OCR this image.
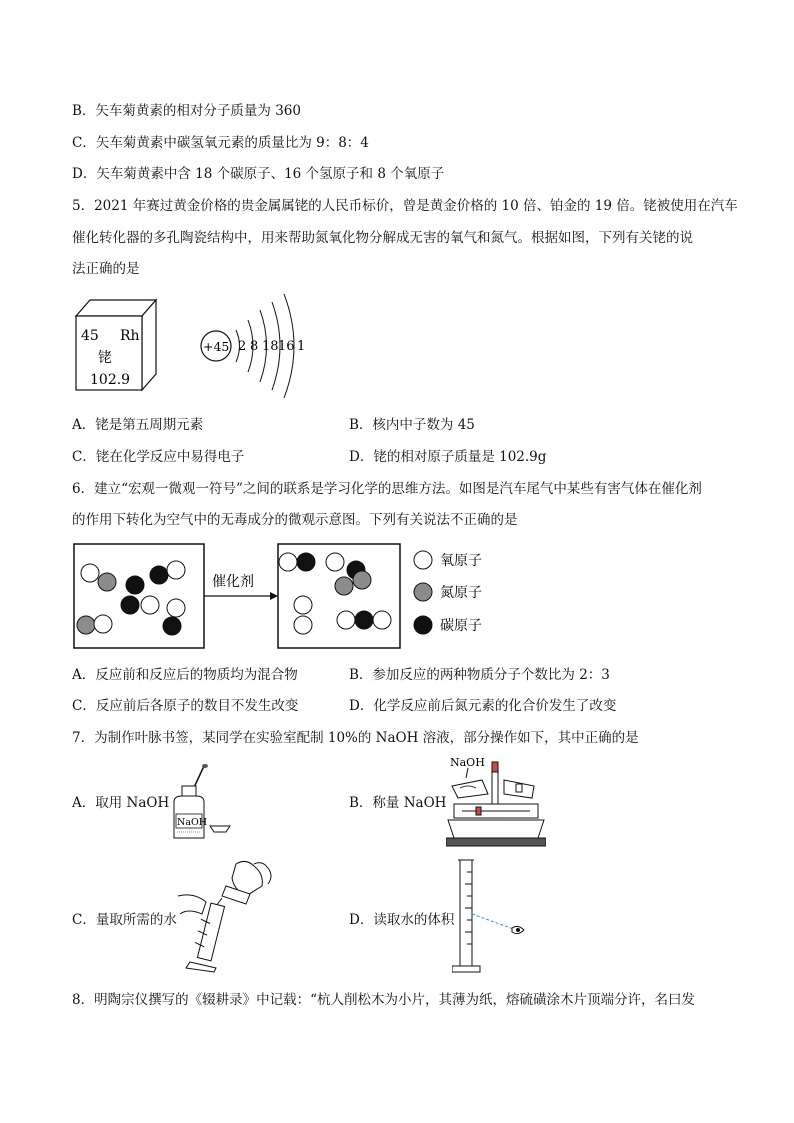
B．矢车菊黄素的相对分子质量为 360
C．矢车菊黄素中碳氢氧元素的质量比为 9：8：4
D．矢车菊黄素中含 18 个碳原子、16 个氢原子和 8 个氧原子
5．2021 年赛过黄金价格的贵金属属铑的人民币标价，曾是黄金价格的 10 倍、铂金的 19 倍。铑被使用在汽车
催化转化器的多孔陶瓷结构中，用来帮助氮氧化物分解成无害的氧气和氮气。根据如图，下列有关铑的说
法正确的是
45 Rh
铑
102.9
+45 2 8 18 16 1
A．铑是第五周期元素	B．核内中子数为 45
C．铑在化学反应中易得电子	D．铑的相对原子质量是 102.9g
6．建立“宏观一微观一符号”之间的联系是学习化学的思维方法。如图是汽车尾气中某些有害气体在催化剂
的作用下转化为空气中的无毒成分的微观示意图。下列有关说法不正确的是
催化剂
氧原子
氮原子
碳原子
A．反应前和反应后的物质均为混合物	B．参加反应的两种物质分子个数比为 2：3
C．反应前后各原子的数目不发生改变	D．化学反应前后氮元素的化合价发生了改变
7．为制作叶脉书签，某同学在实验室配制 10%的 NaOH 溶液，部分操作如下，其中正确的是
A．取用 NaOH
NaOH
B．称量 NaOH
NaOH
C．量取所需的水	D．读取水的体积
8．明陶宗仪撰写的《辍耕录》中记载：“杭人削松木为小片，其薄为纸，熔硫磺涂木片顶端分许，名曰发
